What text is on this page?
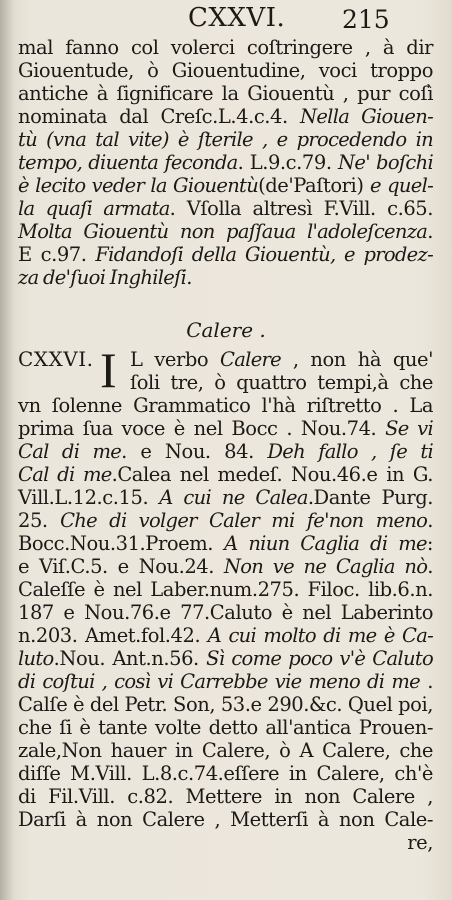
CXXVI. 215
mal fanno col volerci coſtringere , à dir
Giouentude, ò Giouentudine, voci troppo
antiche à ſignificare la Giouentù , pur coſì
nominata dal Creſc.L.4.c.4. Nella Giouen-
tù (vna tal vite) è ſterile , e procedendo in
tempo, diuenta feconda. L.9.c.79. Ne' boſchi
è lecito veder la Giouentù(de'Paſtori) e quel-
la quaſi armata. Vſolla altresì F.Vill. c.65.
Molta Giouentù non paſſaua l'adoleſcenza.
E c.97. Fidandoſi della Giouentù, e prodez-
za de'ſuoi Inghileſi.
Calere .
CXXVI. I L verbo Calere , non hà que'
ſoli tre, ò quattro tempi,à che
vn ſolenne Grammatico l'hà riſtretto . La
prima ſua voce è nel Bocc . Nou.74. Se vi
Cal di me. e Nou. 84. Deh fallo , ſe ti
Cal di me.Calea nel medeſ. Nou.46.e in G.
Vill.L.12.c.15. A cui ne Calea.Dante Purg.
25. Che di volger Caler mi fe'non meno.
Bocc.Nou.31.Proem. A niun Caglia di me:
e Viſ.C.5. e Nou.24. Non ve ne Caglia nò.
Caleſſe è nel Laber.num.275. Filoc. lib.6.n.
187 e Nou.76.e 77.Caluto è nel Laberinto
n.203. Amet.fol.42. A cui molto di me è Ca-
luto.Nou. Ant.n.56. Sì come poco v'è Caluto
di coſtui , così vi Carrebbe vie meno di me .
Calſe è del Petr. Son, 53.e 290.&c. Quel poi,
che ſi è tante volte detto all'antica Prouen-
zale,Non hauer in Calere, ò A Calere, che
diſſe M.Vill. L.8.c.74.eſſere in Calere, ch'è
di Fil.Vill. c.82. Mettere in non Calere ,
Darſi à non Calere , Metterſi à non Cale-
re,
